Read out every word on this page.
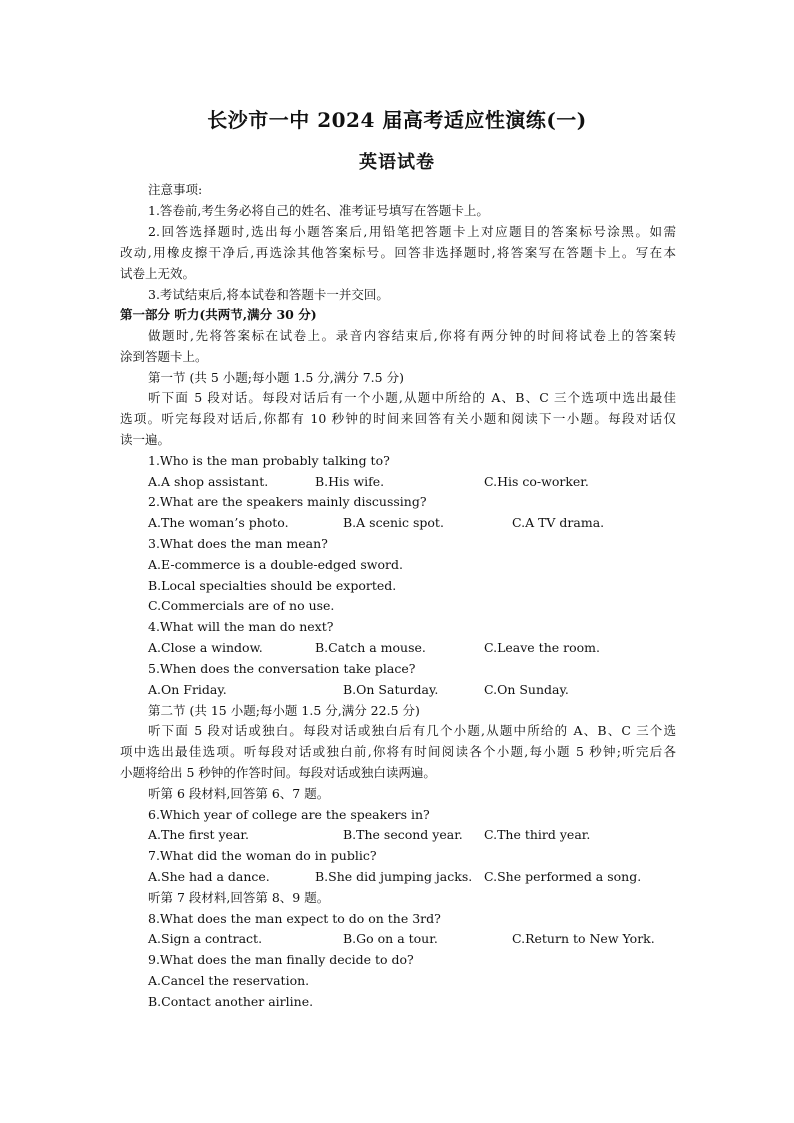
长沙市一中 2024 届高考适应性演练(一)
英语试卷
注意事项:
1.答卷前,考生务必将自己的姓名、准考证号填写在答题卡上。
2.回答选择题时,选出每小题答案后,用铅笔把答题卡上对应题目的答案标号涂黑。如需
改动,用橡皮擦干净后,再选涂其他答案标号。回答非选择题时,将答案写在答题卡上。写在本
试卷上无效。
3.考试结束后,将本试卷和答题卡一并交回。
第一部分 听力(共两节,满分 30 分)
做题时,先将答案标在试卷上。录音内容结束后,你将有两分钟的时间将试卷上的答案转
涂到答题卡上。
第一节 (共 5 小题;每小题 1.5 分,满分 7.5 分)
听下面 5 段对话。每段对话后有一个小题,从题中所给的 A、B、C 三个选项中选出最佳
选项。听完每段对话后,你都有 10 秒钟的时间来回答有关小题和阅读下一小题。每段对话仅
读一遍。
1.Who is the man probably talking to?
A.A shop assistant.	B.His wife.	C.His co-worker.
2.What are the speakers mainly discussing?
A.The woman’s photo.	B.A scenic spot.	C.A TV drama.
3.What does the man mean?
A.E-commerce is a double-edged sword.
B.Local specialties should be exported.
C.Commercials are of no use.
4.What will the man do next?
A.Close a window.	B.Catch a mouse.	C.Leave the room.
5.When does the conversation take place?
A.On Friday.	B.On Saturday.	C.On Sunday.
第二节 (共 15 小题;每小题 1.5 分,满分 22.5 分)
听下面 5 段对话或独白。每段对话或独白后有几个小题,从题中所给的 A、B、C 三个选
项中选出最佳选项。听每段对话或独白前,你将有时间阅读各个小题,每小题 5 秒钟;听完后各
小题将给出 5 秒钟的作答时间。每段对话或独白读两遍。
听第 6 段材料,回答第 6、7 题。
6.Which year of college are the speakers in?
A.The first year.	B.The second year. C.The third year.
7.What did the woman do in public?
A.She had a dance.	B.She did jumping jacks. C.She performed a song.
听第 7 段材料,回答第 8、9 题。
8.What does the man expect to do on the 3rd?
A.Sign a contract.	B.Go on a tour.	C.Return to New York.
9.What does the man finally decide to do?
A.Cancel the reservation.
B.Contact another airline.
